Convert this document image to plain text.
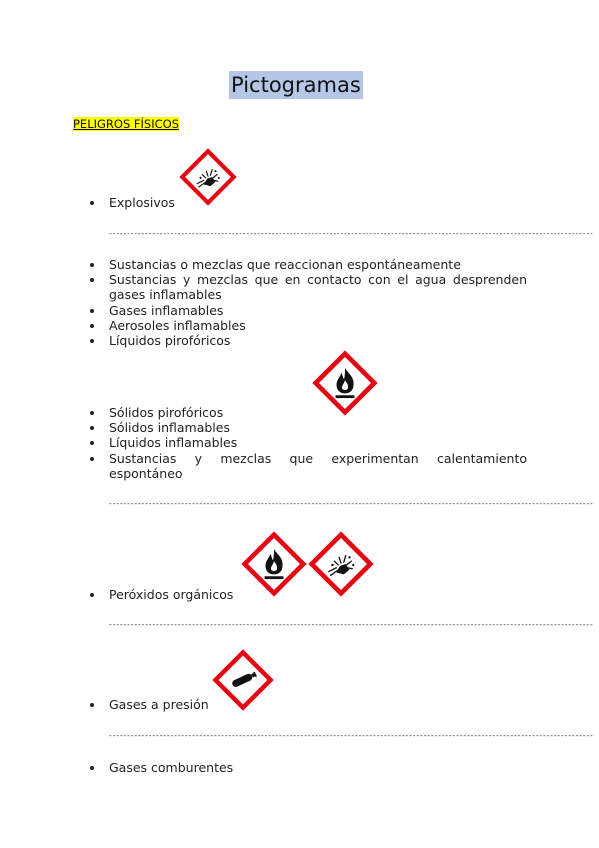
Pictogramas
PELIGROS FÍSICOS
Explosivos
--------------------------------------------------------------------------------------------------------------------------------------
Sustancias o mezclas que reaccionan espontáneamente
Sustancias y mezclas que en contacto con el agua desprenden gases inflamables
Gases inflamables
Aerosoles inflamables
Líquidos pirofóricos
Sólidos pirofóricos
Sólidos inflamables
Líquidos inflamables
Sustancias y mezclas que experimentan calentamiento espontáneo
--------------------------------------------------------------------------------------------------------------------------------------
Peróxidos orgánicos
--------------------------------------------------------------------------------------------------------------------------------------
Gases a presión
--------------------------------------------------------------------------------------------------------------------------------------
Gases comburentes
